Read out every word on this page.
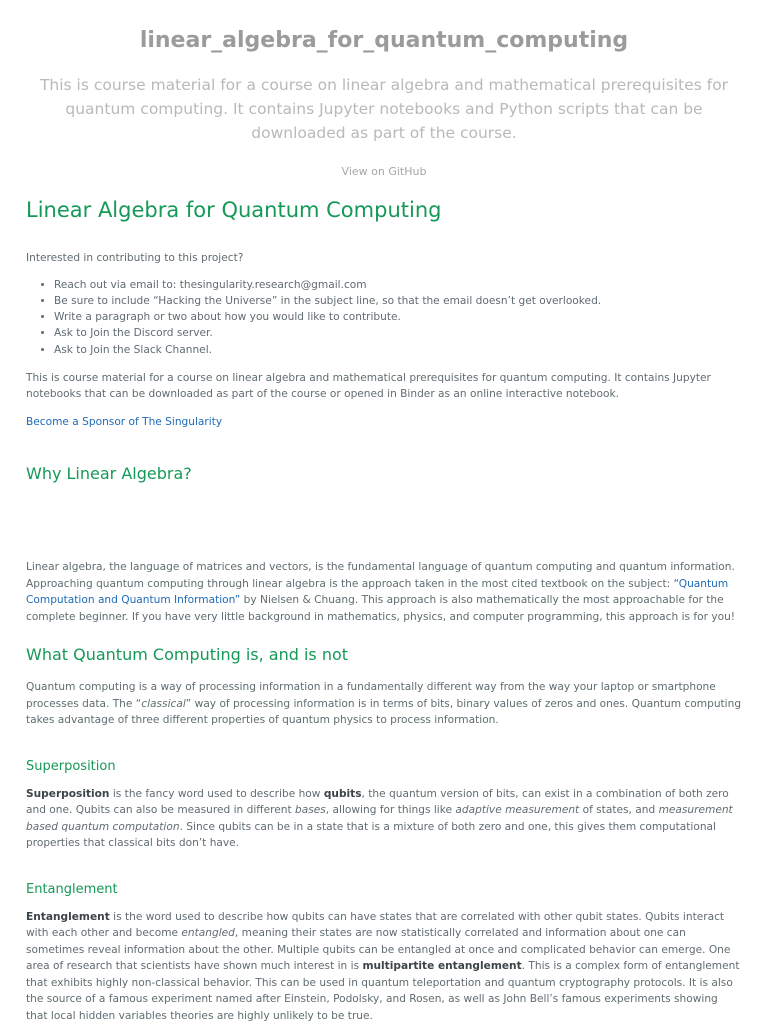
linear_algebra_for_quantum_computing
This is course material for a course on linear algebra and mathematical prerequisites for quantum computing. It contains Jupyter notebooks and Python scripts that can be downloaded as part of the course.
View on GitHub
Linear Algebra for Quantum Computing

Interested in contributing to this project?

• Reach out via email to: thesingularity.research@gmail.com
• Be sure to include “Hacking the Universe” in the subject line, so that the email doesn’t get overlooked.
• Write a paragraph or two about how you would like to contribute.
• Ask to Join the Discord server.
• Ask to Join the Slack Channel.

This is course material for a course on linear algebra and mathematical prerequisites for quantum computing. It contains Jupyter notebooks that can be downloaded as part of the course or opened in Binder as an online interactive notebook.

Become a Sponsor of The Singularity

Why Linear Algebra?

Linear algebra, the language of matrices and vectors, is the fundamental language of quantum computing and quantum information. Approaching quantum computing through linear algebra is the approach taken in the most cited textbook on the subject: “Quantum Computation and Quantum Information” by Nielsen & Chuang. This approach is also mathematically the most approachable for the complete beginner. If you have very little background in mathematics, physics, and computer programming, this approach is for you!

What Quantum Computing is, and is not

Quantum computing is a way of processing information in a fundamentally different way from the way your laptop or smartphone processes data. The “classical” way of processing information is in terms of bits, binary values of zeros and ones. Quantum computing takes advantage of three different properties of quantum physics to process information.

Superposition

Superposition is the fancy word used to describe how qubits, the quantum version of bits, can exist in a combination of both zero and one. Qubits can also be measured in different bases, allowing for things like adaptive measurement of states, and measurement based quantum computation. Since qubits can be in a state that is a mixture of both zero and one, this gives them computational properties that classical bits don’t have.

Entanglement

Entanglement is the word used to describe how qubits can have states that are correlated with other qubit states. Qubits interact with each other and become entangled, meaning their states are now statistically correlated and information about one can sometimes reveal information about the other. Multiple qubits can be entangled at once and complicated behavior can emerge. One area of research that scientists have shown much interest in is multipartite entanglement. This is a complex form of entanglement that exhibits highly non-classical behavior. This can be used in quantum teleportation and quantum cryptography protocols. It is also the source of a famous experiment named after Einstein, Podolsky, and Rosen, as well as John Bell’s famous experiments showing that local hidden variables theories are highly unlikely to be true.
